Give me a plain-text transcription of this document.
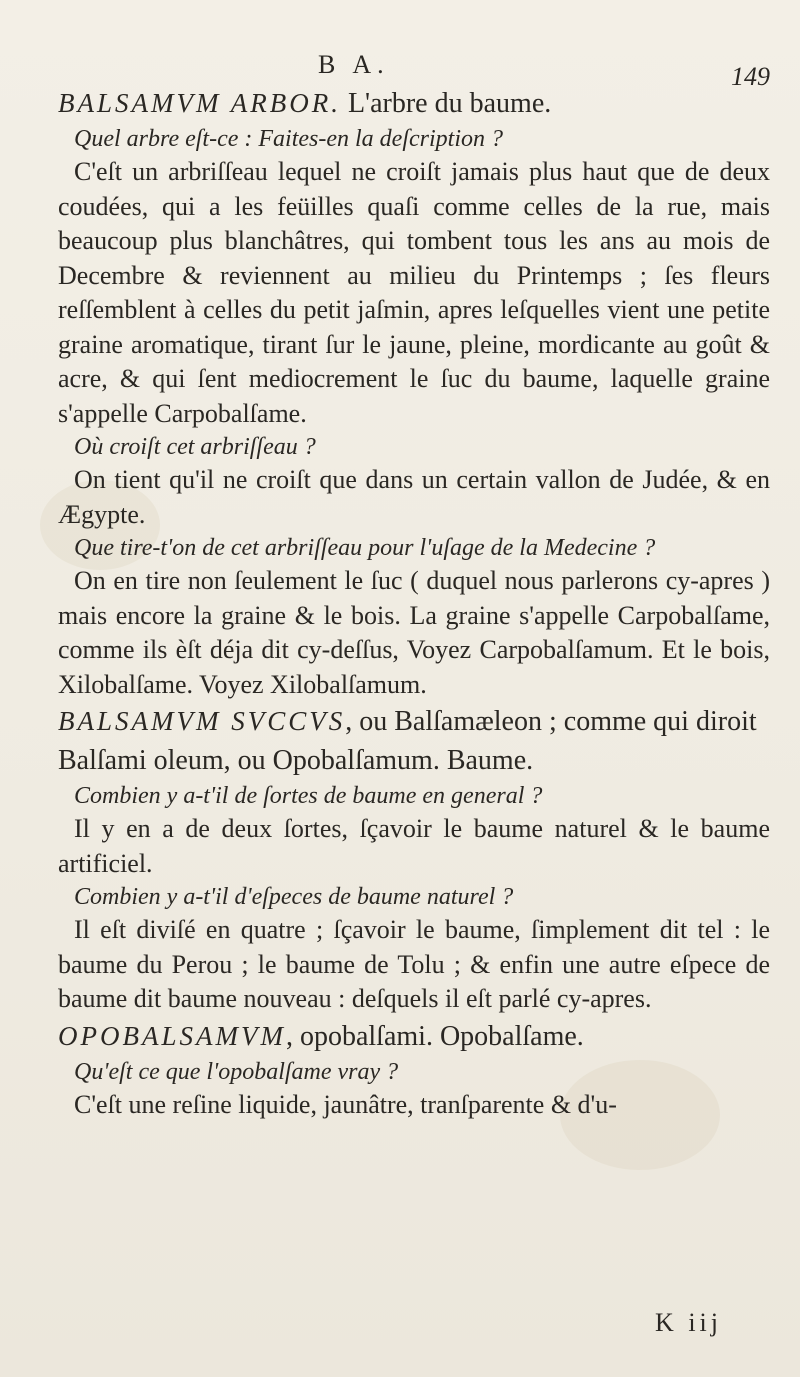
B A.	149

BALSAMVM ARBOR. L'arbre du baume.

Quel arbre eſt-ce : Faites-en la deſcription ?

C'eſt un arbriſſeau lequel ne croiſt jamais plus haut que de deux coudées, qui a les feüilles quaſi comme celles de la rue, mais beaucoup plus blanchâtres, qui tombent tous les ans au mois de Decembre & reviennent au milieu du Printemps ; ſes fleurs reſſemblent à celles du petit jaſmin, apres leſquelles vient une petite graine aromatique, tirant ſur le jaune, pleine, mordicante au goût & acre, & qui ſent mediocrement le ſuc du baume, laquelle graine s'appelle Carpobalſame.

Où croiſt cet arbriſſeau ?

On tient qu'il ne croiſt que dans un certain vallon de Judée, & en Ægypte.

Que tire-t'on de cet arbriſſeau pour l'uſage de la Medecine ?

On en tire non ſeulement le ſuc ( duquel nous parlerons cy-apres ) mais encore la graine & le bois. La graine s'appelle Carpobalſame, comme ils èſt déja dit cy-deſſus, Voyez Carpobalſamum. Et le bois, Xilobalſame. Voyez Xilobalſamum.

BALSAMVM SVCCVS, ou Balſamæleon ; comme qui diroit Balſami oleum, ou Opobalſamum. Baume.

Combien y a-t'il de ſortes de baume en general ?

Il y en a de deux ſortes, ſçavoir le baume naturel & le baume artificiel.

Combien y a-t'il d'eſpeces de baume naturel ?

Il eſt diviſé en quatre ; ſçavoir le baume, ſimplement dit tel : le baume du Perou ; le baume de Tolu ; & enfin une autre eſpece de baume dit baume nouveau : deſquels il eſt parlé cy-apres.

OPOBALSAMVM, opobalſami. Opobalſame.

Qu'eſt ce que l'opobalſame vray ?

C'eſt une reſine liquide, jaunâtre, tranſparente & d'u-

K iij
